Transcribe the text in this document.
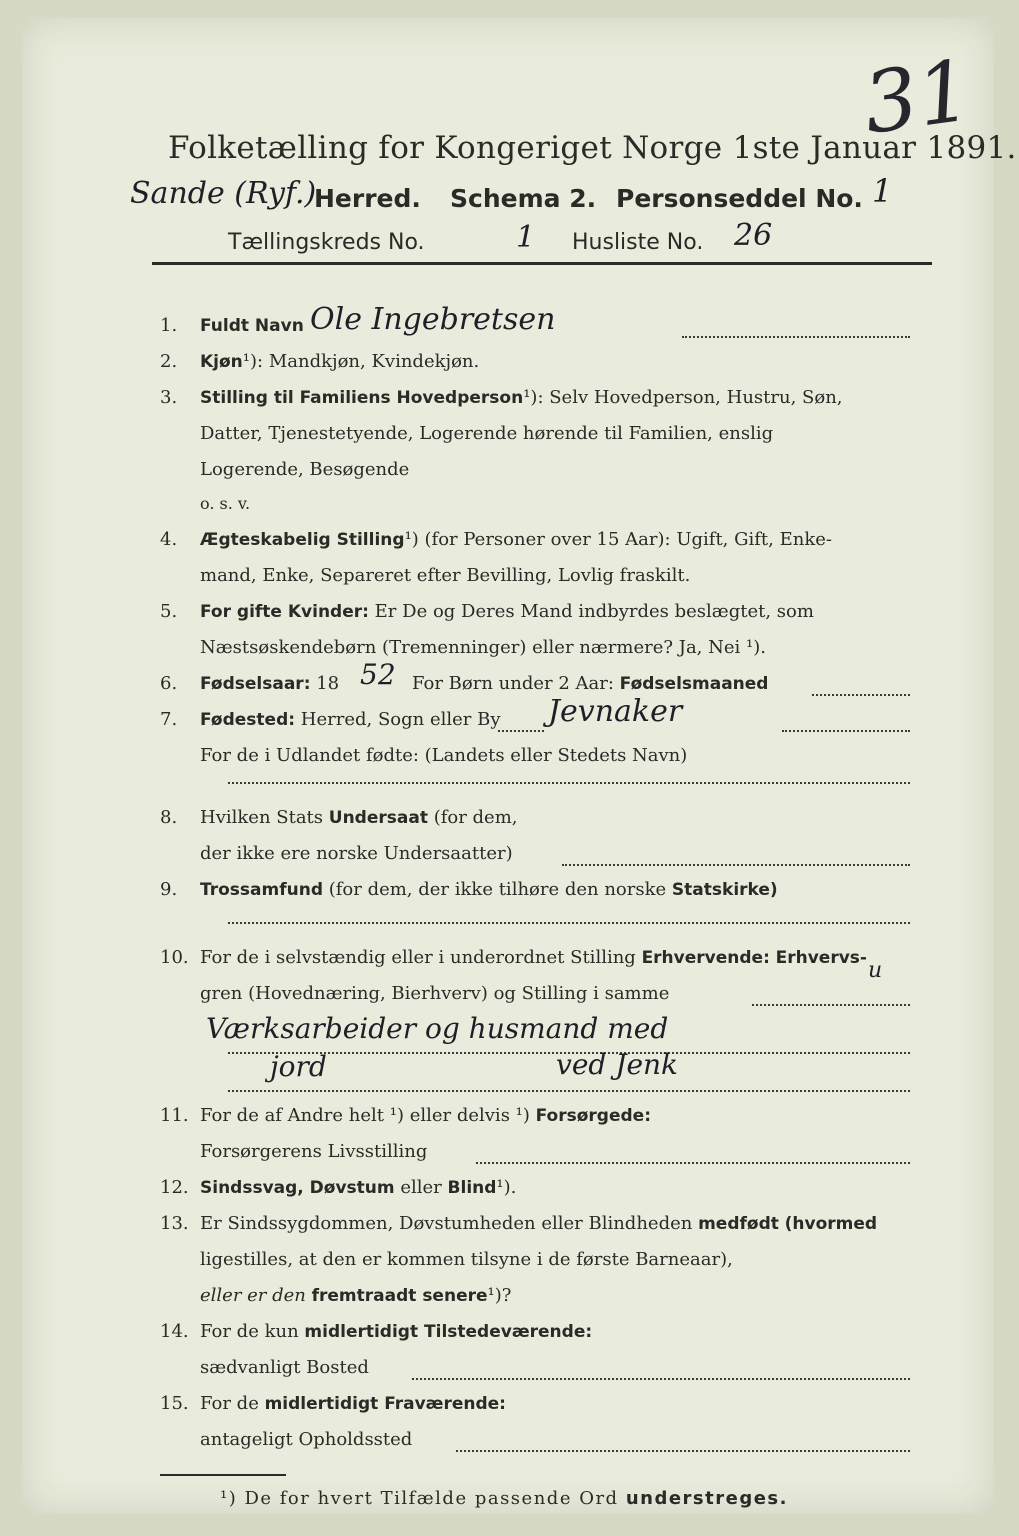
31
Folketælling for Kongeriget Norge 1ste Januar 1891.
Sande (Ryf.)
Herred. Schema 2. Personseddel No. 1
Tællingskreds No.	1 Husliste No. 26
1. Fuldt Navn Ole Ingebretsen
2. Kjøn¹): Mandkjøn, Kvindekjøn.
3. Stilling til Familiens Hovedperson¹): Selv Hovedperson, Hustru, Søn,
Datter, Tjenestetyende, Logerende hørende til Familien, enslig
Logerende, Besøgende
o. s. v.
4. Ægteskabelig Stilling¹) (for Personer over 15 Aar): Ugift, Gift, Enke-
mand, Enke, Separeret efter Bevilling, Lovlig fraskilt.
5. For gifte Kvinder: Er De og Deres Mand indbyrdes beslægtet, som
Næstsøskendebørn (Tremenninger) eller nærmere? Ja, Nei ¹).
6. Fødselsaar: 18 52 For Børn under 2 Aar: Fødselsmaaned
7. Fødested: Herred, Sogn eller By Jevnaker
For de i Udlandet fødte: (Landets eller Stedets Navn)
8. Hvilken Stats Undersaat (for dem,
der ikke ere norske Undersaatter)
9. Trossamfund (for dem, der ikke tilhøre den norske Statskirke)
10. For de i selvstændig eller i underordnet Stilling Erhvervende: Erhvervs-
gren (Hovednæring, Bierhverv) og Stilling i samme
u
Værksarbeider og husmand med
jord	ved Jenk
11. For de af Andre helt ¹) eller delvis ¹) Forsørgede:
Forsørgerens Livsstilling
12. Sindssvag, Døvstum eller Blind¹).
13. Er Sindssygdommen, Døvstumheden eller Blindheden medfødt (hvormed
ligestilles, at den er kommen tilsyne i de første Barneaar),
eller er den fremtraadt senere¹)?
14. For de kun midlertidigt Tilstedeværende:
sædvanligt Bosted
15. For de midlertidigt Fraværende:
antageligt Opholdssted
¹) De for hvert Tilfælde passende Ord understreges.
